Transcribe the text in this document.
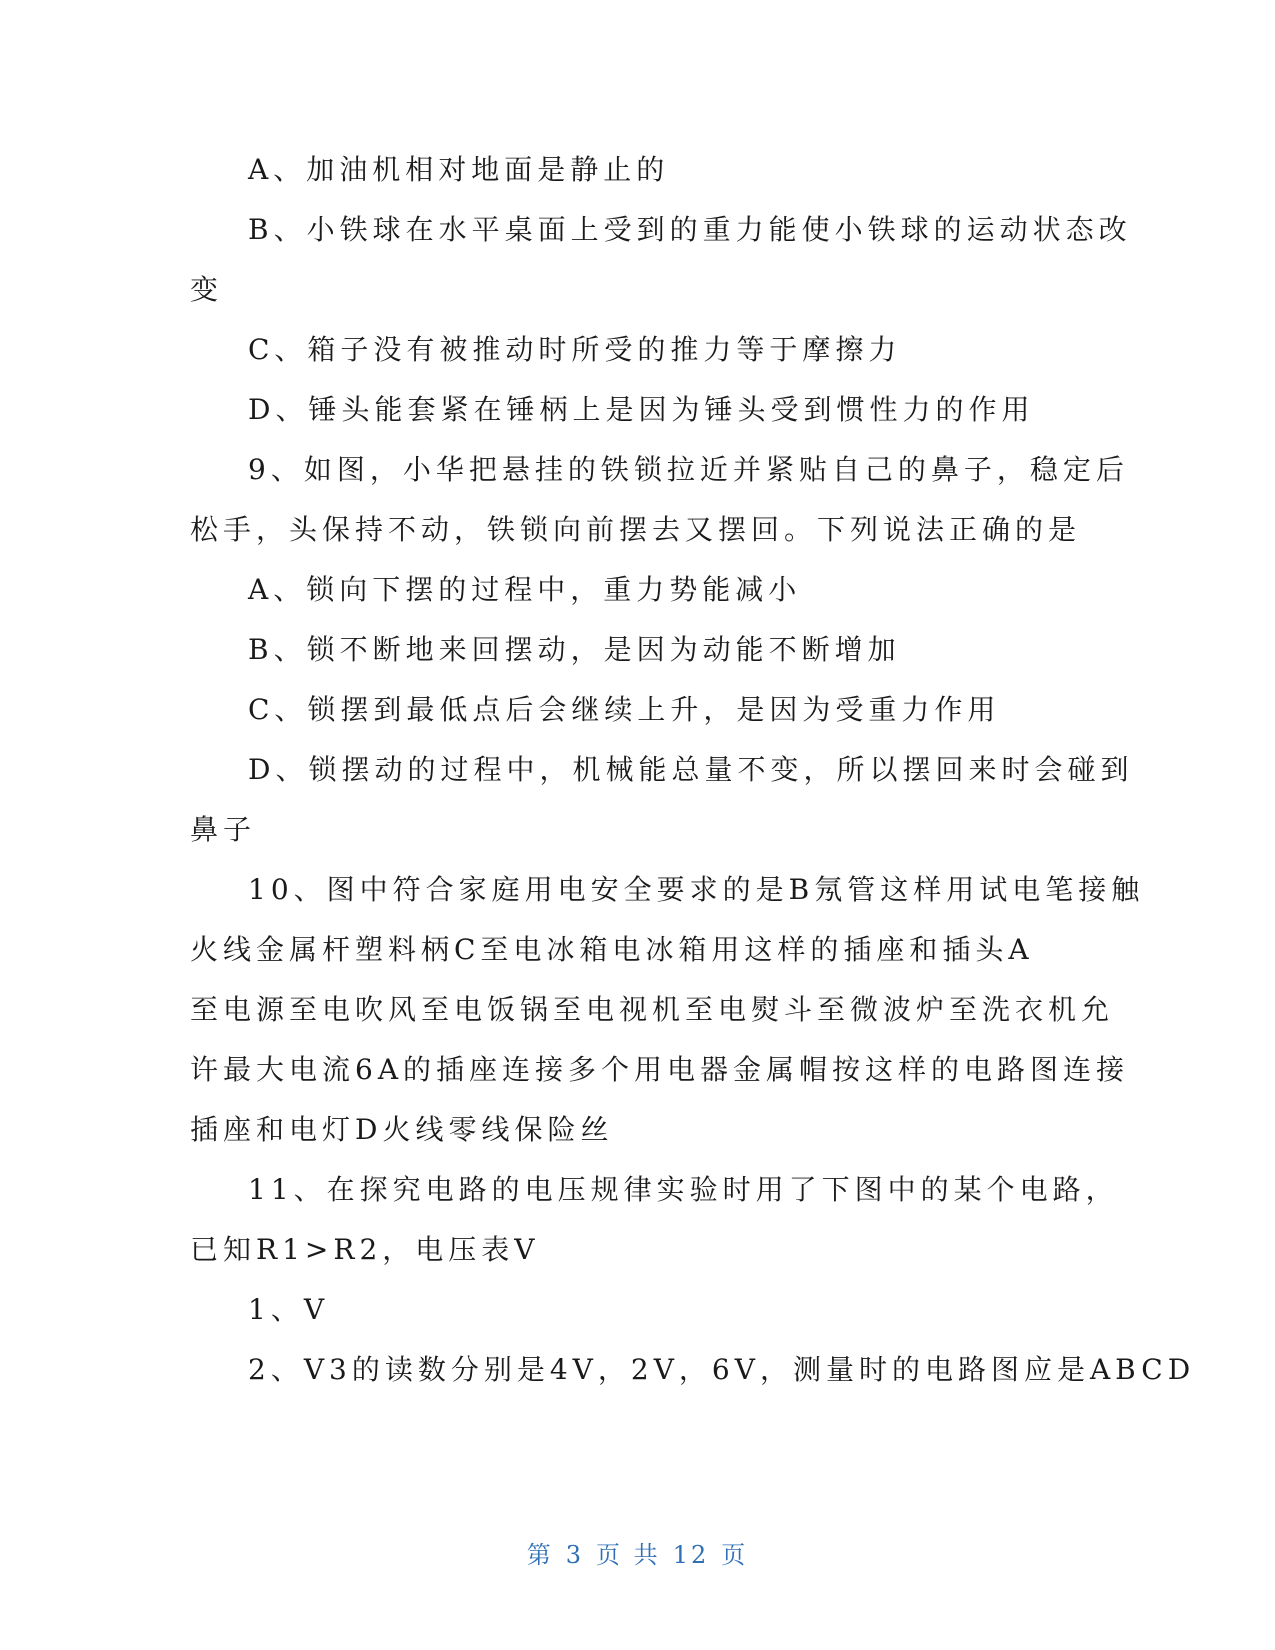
A、加油机相对地面是静止的
B、小铁球在水平桌面上受到的重力能使小铁球的运动状态改
变
C、箱子没有被推动时所受的推力等于摩擦力
D、锤头能套紧在锤柄上是因为锤头受到惯性力的作用
9、如图，小华把悬挂的铁锁拉近并紧贴自己的鼻子，稳定后
松手，头保持不动，铁锁向前摆去又摆回。下列说法正确的是
A、锁向下摆的过程中，重力势能减小
B、锁不断地来回摆动，是因为动能不断增加
C、锁摆到最低点后会继续上升，是因为受重力作用
D、锁摆动的过程中，机械能总量不变，所以摆回来时会碰到
鼻子
10、图中符合家庭用电安全要求的是B氖管这样用试电笔接触
火线金属杆塑料柄C至电冰箱电冰箱用这样的插座和插头A
至电源至电吹风至电饭锅至电视机至电熨斗至微波炉至洗衣机允
许最大电流6A的插座连接多个用电器金属帽按这样的电路图连接
插座和电灯D火线零线保险丝
11、在探究电路的电压规律实验时用了下图中的某个电路，
已知R1>R2，电压表V
1、V
2、V3的读数分别是4V，2V，6V，测量时的电路图应是ABCD
第 3 页 共 12 页
